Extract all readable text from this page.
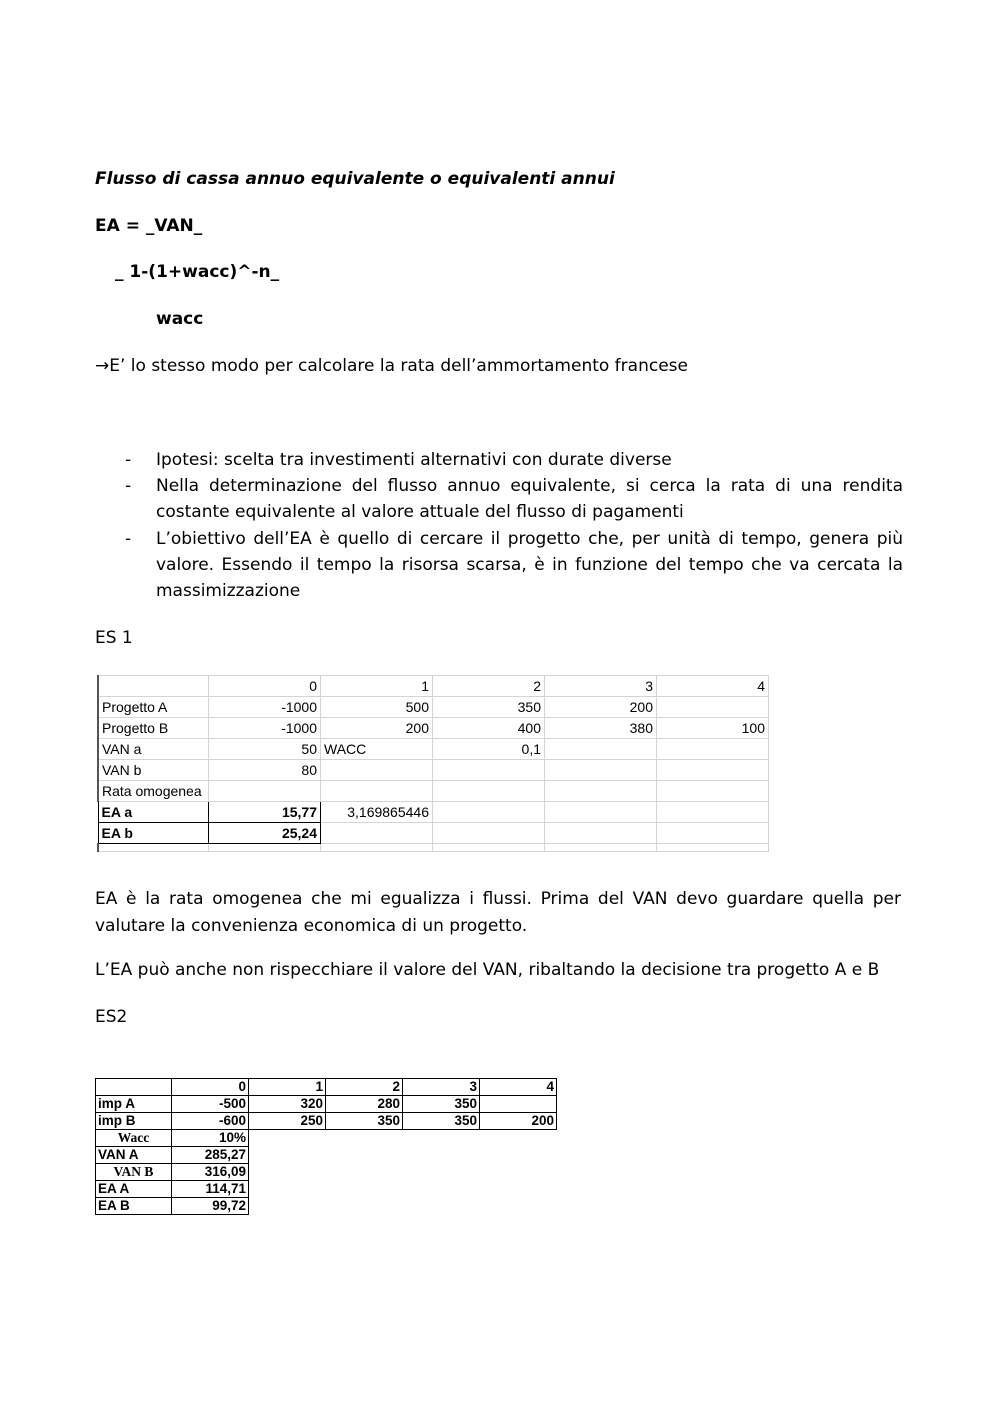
Flusso di cassa annuo equivalente o equivalenti annui
EA = _VAN_
_ 1-(1+wacc)^-n_
wacc
→E’ lo stesso modo per calcolare la rata dell’ammortamento francese
- Ipotesi: scelta tra investimenti alternativi con durate diverse
- Nella determinazione del flusso annuo equivalente, si cerca la rata di una rendita costante equivalente al valore attuale del flusso di pagamenti
- L’obiettivo dell’EA è quello di cercare il progetto che, per unità di tempo, genera più valore. Essendo il tempo la risorsa scarsa, è in funzione del tempo che va cercata la massimizzazione
ES 1
	0	1	2	3	4
Progetto A	-1000	500	350	200	
Progetto B	-1000	200	400	380	100
VAN a	50	WACC	0,1		
VAN b	80				
Rata omogenea					
EA a	15,77	3,169865446			
EA b	25,24				

EA è la rata omogenea che mi egualizza i flussi. Prima del VAN devo guardare quella per valutare la convenienza economica di un progetto.
L’EA può anche non rispecchiare il valore del VAN, ribaltando la decisione tra progetto A e B
ES2
	0	1	2	3	4
imp A	-500	320	280	350	
imp B	-600	250	350	350	200
Wacc	10%				
VAN A	285,27				
VAN B	316,09				
EA A	114,71				
EA B	99,72				
